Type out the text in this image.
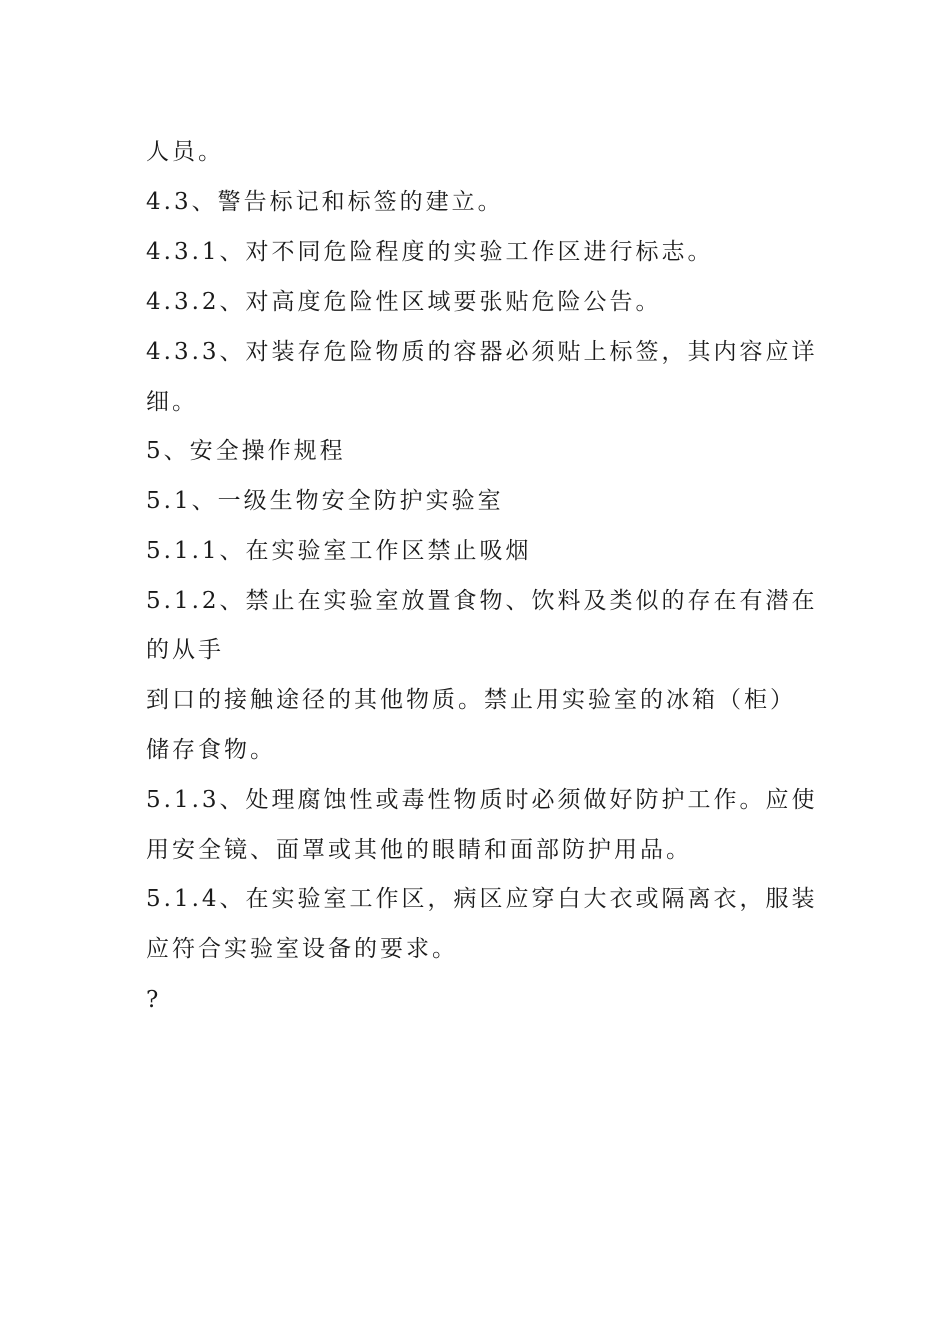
人员。
4.3、警告标记和标签的建立。
4.3.1、对不同危险程度的实验工作区进行标志。
4.3.2、对高度危险性区域要张贴危险公告。
4.3.3、对装存危险物质的容器必须贴上标签，其内容应详
细。
5、安全操作规程
5.1、一级生物安全防护实验室
5.1.1、在实验室工作区禁止吸烟
5.1.2、禁止在实验室放置食物、饮料及类似的存在有潜在
的从手
到口的接触途径的其他物质。禁止用实验室的冰箱（柜）
储存食物。
5.1.3、处理腐蚀性或毒性物质时必须做好防护工作。应使
用安全镜、面罩或其他的眼睛和面部防护用品。
5.1.4、在实验室工作区，病区应穿白大衣或隔离衣，服装
应符合实验室设备的要求。
?
